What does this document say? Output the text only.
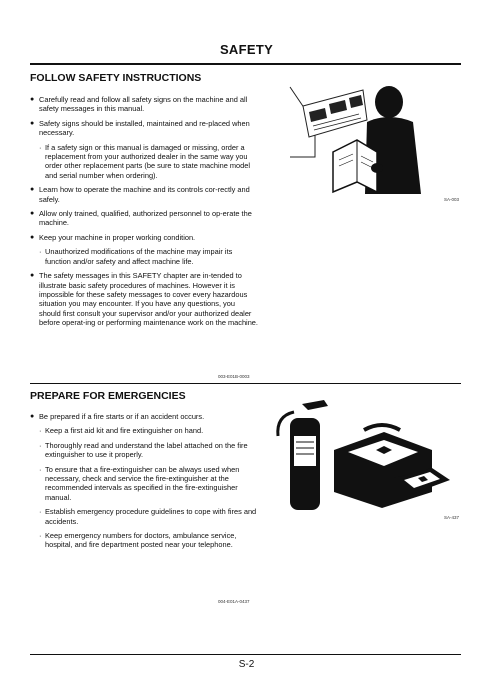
SAFETY
FOLLOW SAFETY INSTRUCTIONS
● Carefully read and follow all safety signs on the machine and all safety messages in this manual.
● Safety signs should be installed, maintained and re-placed when necessary.
· If a safety sign or this manual is damaged or missing, order a replacement from your authorized dealer in the same way you order other replacement parts (be sure to state machine model and serial number when ordering).
● Learn how to operate the machine and its controls cor-rectly and safely.
● Allow only trained, qualified, authorized personnel to op-erate the machine.
● Keep your machine in proper working condition.
· Unauthorized modifications of the machine may impair its function and/or safety and affect machine life.
● The safety messages in this SAFETY chapter are in-tended to illustrate basic safety procedures of machines. However it is impossible for these safety messages to cover every hazardous situation you may encounter. If you have any questions, you should first consult your supervisor and/or your authorized dealer before operat-ing or performing maintenance work on the machine.
003-E01B-0003
SA-003
PREPARE FOR EMERGENCIES
● Be prepared if a fire starts or if an accident occurs.
· Keep a first aid kit and fire extinguisher on hand.
· Thoroughly read and understand the label attached on the fire extinguisher to use it properly.
· To ensure that a fire-extinguisher can be always used when necessary, check and service the fire-extinguisher at the recommended intervals as specified in the fire-extinguisher manual.
· Establish emergency procedure guidelines to cope with fires and accidents.
· Keep emergency numbers for doctors, ambulance service, hospital, and fire department posted near your telephone.
004-E01A-0437
SA-437
S-2
